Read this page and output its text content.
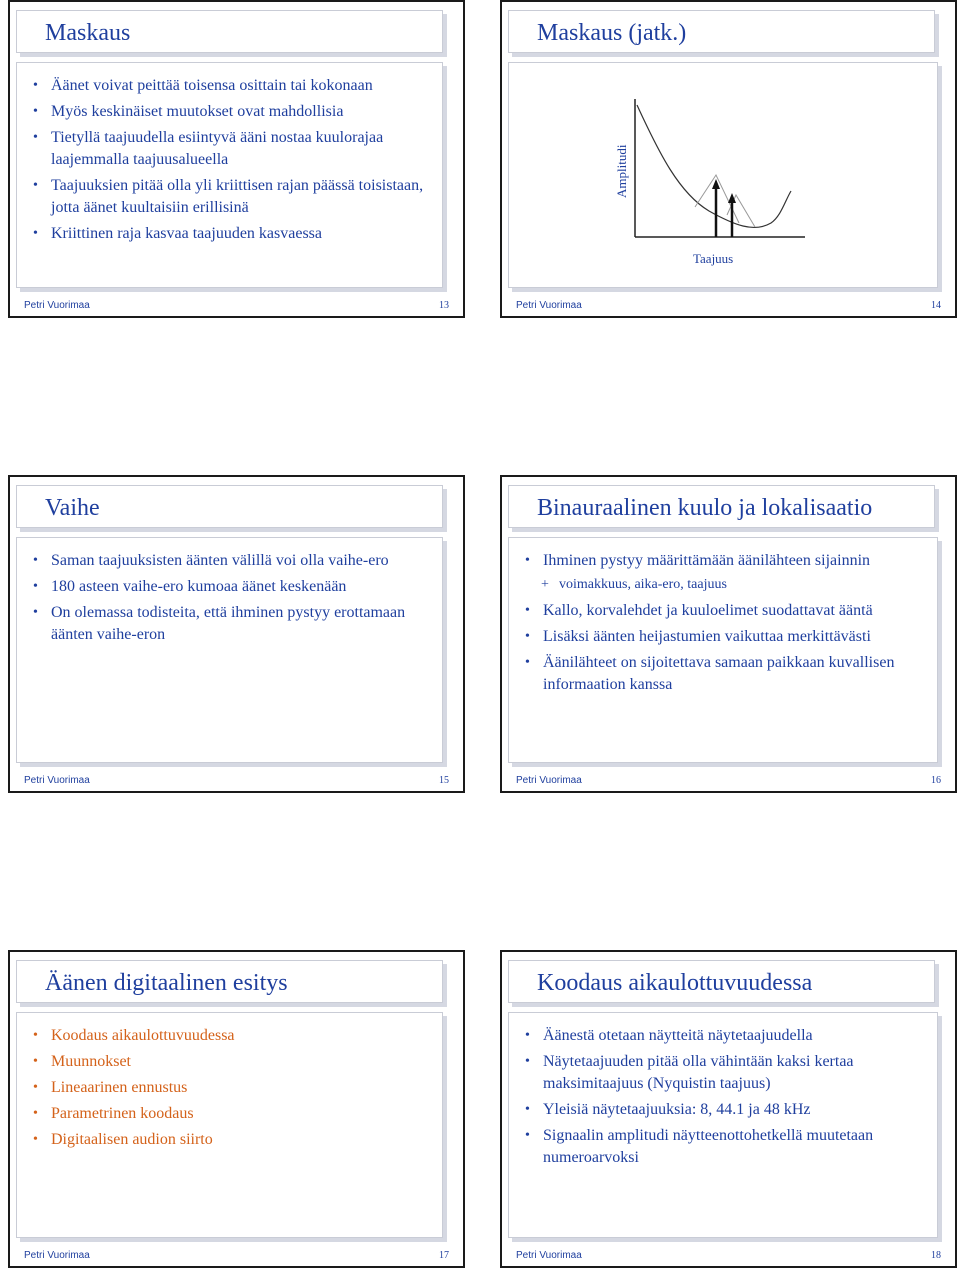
Maskaus
• Äänet voivat peittää toisensa osittain tai kokonaan
• Myös keskinäiset muutokset ovat mahdollisia
• Tietyllä taajuudella esiintyvä ääni nostaa kuulorajaa laajemmalla taajuusalueella
• Taajuuksien pitää olla yli kriittisen rajan päässä toisistaan, jotta äänet kuultaisiin erillisinä
• Kriittinen raja kasvaa taajuuden kasvaessa
Petri Vuorimaa	13
Maskaus (jatk.)
Amplitudi
Taajuus
Petri Vuorimaa	14
Vaihe
• Saman taajuuksisten äänten välillä voi olla vaihe-ero
• 180 asteen vaihe-ero kumoaa äänet keskenään
• On olemassa todisteita, että ihminen pystyy erottamaan äänten vaihe-eron
Petri Vuorimaa	15
Binauraalinen kuulo ja lokalisaatio
• Ihminen pystyy määrittämään äänilähteen sijainnin
+ voimakkuus, aika-ero, taajuus
• Kallo, korvalehdet ja kuuloelimet suodattavat ääntä
• Lisäksi äänten heijastumien vaikuttaa merkittävästi
• Äänilähteet on sijoitettava samaan paikkaan kuvallisen informaation kanssa
Petri Vuorimaa	16
Äänen digitaalinen esitys
• Koodaus aikaulottuvuudessa
• Muunnokset
• Lineaarinen ennustus
• Parametrinen koodaus
• Digitaalisen audion siirto
Petri Vuorimaa	17
Koodaus aikaulottuvuudessa
• Äänestä otetaan näytteitä näytetaajuudella
• Näytetaajuuden pitää olla vähintään kaksi kertaa maksimitaajuus (Nyquistin taajuus)
• Yleisiä näytetaajuuksia: 8, 44.1 ja 48 kHz
• Signaalin amplitudi näytteenottohetkellä muutetaan numeroarvoksi
Petri Vuorimaa	18
